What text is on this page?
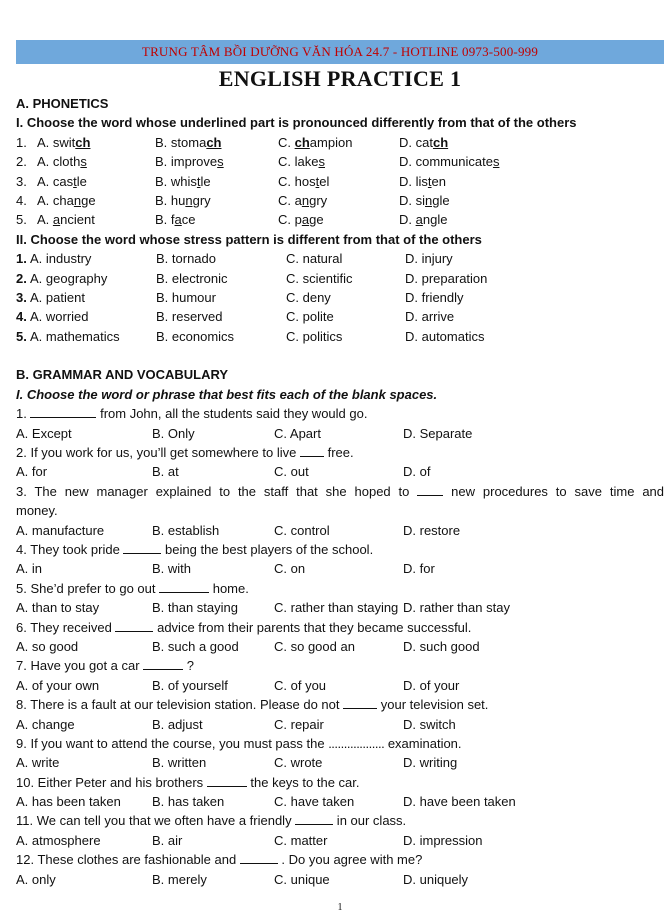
TRUNG TÂM BỒI DƯỠNG VĂN HÓA 24.7 - HOTLINE 0973-500-999
ENGLISH PRACTICE 1
A. PHONETICS
I. Choose the word whose underlined part is pronounced differently from that of the others
1. A. switch	B. stomach	C. champion	D. catch
2. A. cloths	B. improves	C. lakes	D. communicates
3. A. castle	B. whistle	C. hostel	D. listen
4. A. change	B. hungry	C. angry	D. single
5. A. ancient	B. face	C. page	D. angle
II. Choose the word whose stress pattern is different from that of the others
1. A. industry	B. tornado	C. natural	D. injury
2. A. geography	B. electronic	C. scientific	D. preparation
3. A. patient	B. humour	C. deny	D. friendly
4. A. worried	B. reserved	C. polite	D. arrive
5. A. mathematics	B. economics	C. politics	D. automatics
B. GRAMMAR AND VOCABULARY
I. Choose the word or phrase that best fits each of the blank spaces.
1.	from John, all the students said they would go.
A. Except	B. Only	C. Apart	D. Separate
2. If you work for us, you’ll get somewhere to live  free.
A. for	B. at	C. out	D. of
3. The new manager explained to the staff that she hoped to  new procedures to save time and
money.
A. manufacture	B. establish	C. control	D. restore
4. They took pride	being the best players of the school.
A. in	B. with	C. on	D. for
5. She’d prefer to go out	home.
A. than to stay	B. than staying	C. rather than staying D. rather than stay
6. They received	advice from their parents that they became successful.
A. so good	B. such a good	C. so good an	D. such good
7. Have you got a car	?
A. of your own	B. of yourself	C. of you	D. of your
8. There is a fault at our television station. Please do not	your television set.
A. change	B. adjust	C. repair	D. switch
9. If you want to attend the course, you must pass the .................. examination.
A. write	B. written	C. wrote	D. writing
10. Either Peter and his brothers	the keys to the car.
A. has been taken B. has taken	C. have taken	D. have been taken
11. We can tell you that we often have a friendly	in our class.
A. atmosphere	B. air	C. matter	D. impression
12. These clothes are fashionable and	. Do you agree with me?
A. only	B. merely	C. unique	D. uniquely
1
